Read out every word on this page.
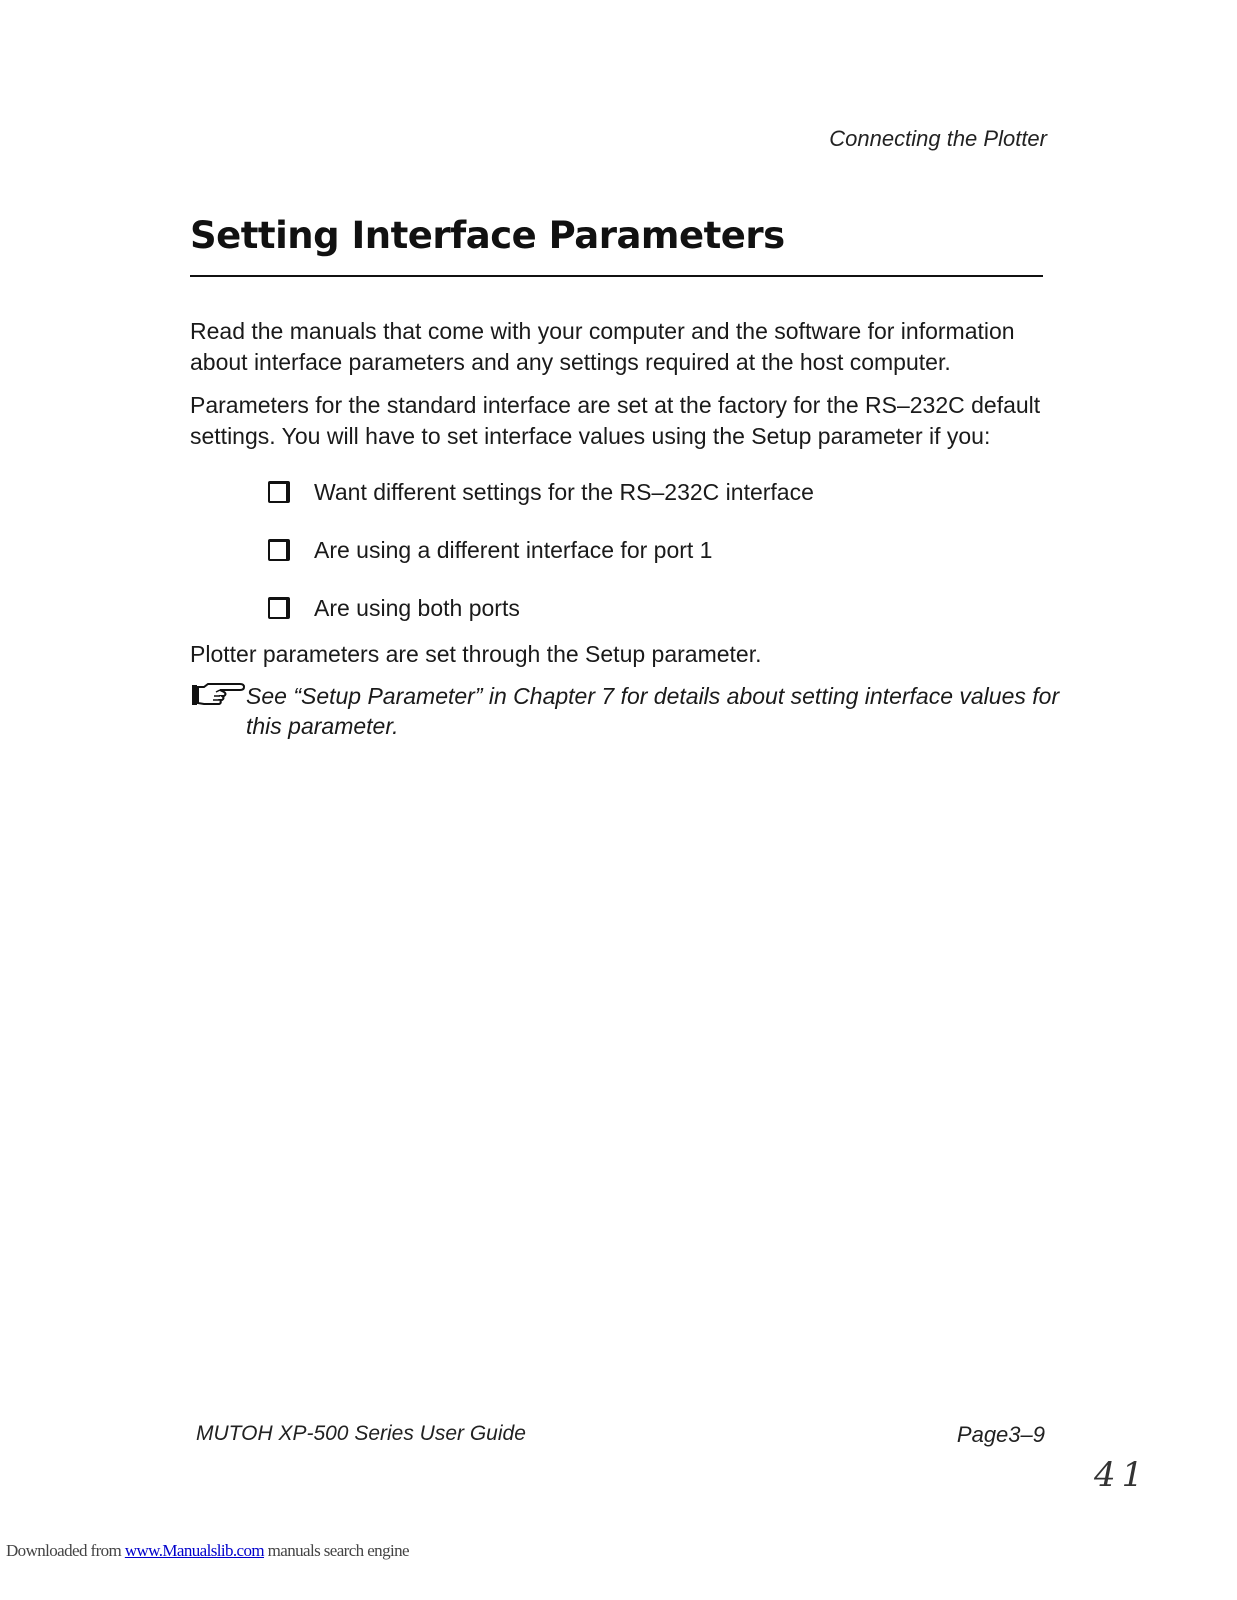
Connecting the Plotter
Setting Interface Parameters

Read the manuals that come with your computer and the software for information about interface parameters and any settings required at the host computer.

Parameters for the standard interface are set at the factory for the RS–232C default settings. You will have to set interface values using the Setup parameter if you:

Want different settings for the RS–232C interface
Are using a different interface for port 1
Are using both ports

Plotter parameters are set through the Setup parameter.

See “Setup Parameter” in Chapter 7 for details about setting interface values for this parameter.
MUTOH XP-500 Series User Guide	Page3–9
41
Downloaded from www.Manualslib.com manuals search engine
